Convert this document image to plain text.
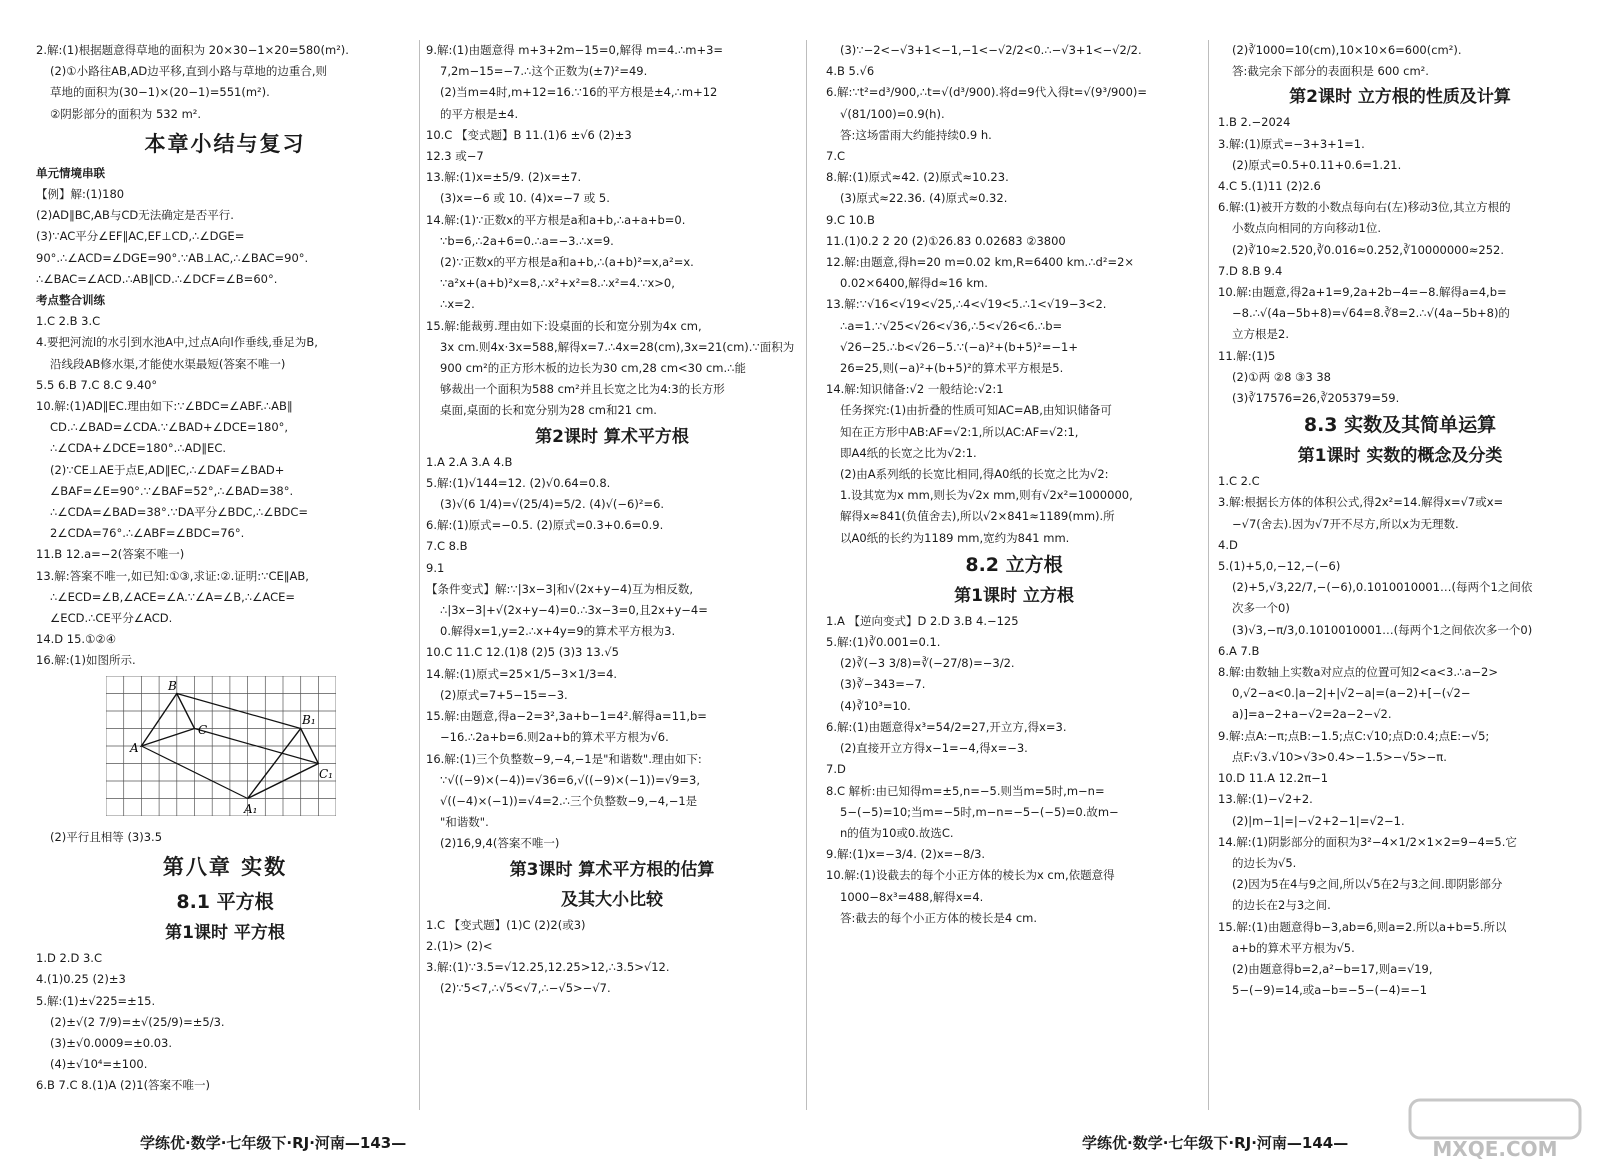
2.解:(1)根据题意得草地的面积为 20×30−1×20=580(m²).
(2)①小路往AB,AD边平移,直到小路与草地的边重合,则
草地的面积为(30−1)×(20−1)=551(m²).
②阴影部分的面积为 532 m².
本章小结与复习
单元情境串联
【例】解:(1)180
(2)AD∥BC,AB与CD无法确定是否平行.
(3)∵AC平分∠EF∥AC,EF⊥CD,∴∠DGE=
90°.∴∠ACD=∠DGE=90°.∵AB⊥AC,∴∠BAC=90°.
∴∠BAC=∠ACD.∴AB∥CD.∴∠DCF=∠B=60°.
考点整合训练
1.C 2.B 3.C
4.要把河流l的水引到水池A中,过点A向l作垂线,垂足为B,
沿线段AB修水渠,才能使水渠最短(答案不唯一)
5.5 6.B 7.C 8.C 9.40°
10.解:(1)AD∥EC.理由如下:∵∠BDC=∠ABF.∴AB∥
CD.∴∠BAD=∠CDA.∵∠BAD+∠DCE=180°,
∴∠CDA+∠DCE=180°.∴AD∥EC.
(2)∵CE⊥AE于点E,AD∥EC,∴∠DAF=∠BAD+
∠BAF=∠E=90°.∵∠BAF=52°,∴∠BAD=38°.
∴∠CDA=∠BAD=38°.∵DA平分∠BDC,∴∠BDC=
2∠CDA=76°.∴∠ABF=∠BDC=76°.
11.B 12.a=−2(答案不唯一)
13.解:答案不唯一,如已知:①③,求证:②.证明:∵CE∥AB,
∴∠ECD=∠B,∠ACE=∠A.∵∠A=∠B,∴∠ACE=
∠ECD.∴CE平分∠ACD.
14.D 15.①②④
16.解:(1)如图所示.
B
C
A
B₁
C₁
A₁
(2)平行且相等 (3)3.5
第八章 实数
8.1 平方根
第1课时 平方根
1.D 2.D 3.C
4.(1)0.25 (2)±3
5.解:(1)±√225=±15.
(2)±√(2 7/9)=±√(25/9)=±5/3.
(3)±√0.0009=±0.03.
(4)±√10⁴=±100.
6.B 7.C 8.(1)A (2)1(答案不唯一)
9.解:(1)由题意得 m+3+2m−15=0,解得 m=4.∴m+3=
7,2m−15=−7.∴这个正数为(±7)²=49.
(2)当m=4时,m+12=16.∵16的平方根是±4,∴m+12
的平方根是±4.
10.C 【变式题】B 11.(1)6 ±√6 (2)±3
12.3 或−7
13.解:(1)x=±5/9. (2)x=±7.
(3)x=−6 或 10. (4)x=−7 或 5.
14.解:(1)∵正数x的平方根是a和a+b,∴a+a+b=0.
∵b=6,∴2a+6=0.∴a=−3.∴x=9.
(2)∵正数x的平方根是a和a+b,∴(a+b)²=x,a²=x.
∵a²x+(a+b)²x=8,∴x²+x²=8.∴x²=4.∵x>0,
∴x=2.
15.解:能裁剪.理由如下:设桌面的长和宽分别为4x cm,
3x cm.则4x·3x=588,解得x=7.∴4x=28(cm),3x=21(cm).∵面积为
900 cm²的正方形木板的边长为30 cm,28 cm<30 cm.∴能
够裁出一个面积为588 cm²并且长宽之比为4:3的长方形
桌面,桌面的长和宽分别为28 cm和21 cm.
第2课时 算术平方根
1.A 2.A 3.A 4.B
5.解:(1)√144=12. (2)√0.64=0.8.
(3)√(6 1/4)=√(25/4)=5/2. (4)√(−6)²=6.
6.解:(1)原式=−0.5. (2)原式=0.3+0.6=0.9.
7.C 8.B
9.1
【条件变式】解:∵|3x−3|和√(2x+y−4)互为相反数,
∴|3x−3|+√(2x+y−4)=0.∴3x−3=0,且2x+y−4=
0.解得x=1,y=2.∴x+4y=9的算术平方根为3.
10.C 11.C 12.(1)8 (2)5 (3)3 13.√5
14.解:(1)原式=25×1/5−3×1/3=4.
(2)原式=7+5−15=−3.
15.解:由题意,得a−2=3²,3a+b−1=4².解得a=11,b=
−16.∴2a+b=6.则2a+b的算术平方根为√6.
16.解:(1)三个负整数−9,−4,−1是"和谐数".理由如下:
∵√((−9)×(−4))=√36=6,√((−9)×(−1))=√9=3,
√((−4)×(−1))=√4=2.∴三个负整数−9,−4,−1是
"和谐数".
(2)16,9,4(答案不唯一)
第3课时 算术平方根的估算
及其大小比较
1.C 【变式题】(1)C (2)2(或3)
2.(1)> (2)<
3.解:(1)∵3.5=√12.25,12.25>12,∴3.5>√12.
(2)∵5<7,∴√5<√7,∴−√5>−√7.
(3)∵−2<−√3+1<−1,−1<−√2/2<0.∴−√3+1<−√2/2.
4.B 5.√6
6.解:∵t²=d³/900,∴t=√(d³/900).将d=9代入得t=√(9³/900)=
√(81/100)=0.9(h).
答:这场雷雨大约能持续0.9 h.
7.C
8.解:(1)原式≈42. (2)原式≈10.23.
(3)原式≈22.36. (4)原式≈0.32.
9.C 10.B
11.(1)0.2 2 20 (2)①26.83 0.02683 ②3800
12.解:由题意,得h=20 m=0.02 km,R=6400 km.∴d²=2×
0.02×6400,解得d≈16 km.
13.解:∵√16<√19<√25,∴4<√19<5.∴1<√19−3<2.
∴a=1.∵√25<√26<√36,∴5<√26<6.∴b=
√26−25.∴b<√26−5.∵(−a)²+(b+5)²=−1+
26=25,则(−a)²+(b+5)²的算术平方根是5.
14.解:知识储备:√2 一般结论:√2:1
任务探究:(1)由折叠的性质可知AC=AB,由知识储备可
知在正方形中AB:AF=√2:1,所以AC:AF=√2:1,
即A4纸的长宽之比为√2:1.
(2)由A系列纸的长宽比相同,得A0纸的长宽之比为√2:
1.设其宽为x mm,则长为√2x mm,则有√2x²=1000000,
解得x≈841(负值舍去),所以√2×841≈1189(mm).所
以A0纸的长约为1189 mm,宽约为841 mm.
8.2 立方根
第1课时 立方根
1.A 【逆向变式】D 2.D 3.B 4.−125
5.解:(1)∛0.001=0.1.
(2)∛(−3 3/8)=∛(−27/8)=−3/2.
(3)∛−343=−7.
(4)∛10³=10.
6.解:(1)由题意得x³=54/2=27,开立方,得x=3.
(2)直接开立方得x−1=−4,得x=−3.
7.D
8.C 解析:由已知得m=±5,n=−5.则当m=5时,m−n=
5−(−5)=10;当m=−5时,m−n=−5−(−5)=0.故m−
n的值为10或0.故选C.
9.解:(1)x=−3/4. (2)x=−8/3.
10.解:(1)设截去的每个小正方体的棱长为x cm,依题意得
1000−8x³=488,解得x=4.
答:截去的每个小正方体的棱长是4 cm.
(2)∛1000=10(cm),10×10×6=600(cm²).
答:截完余下部分的表面积是 600 cm².
第2课时 立方根的性质及计算
1.B 2.−2024
3.解:(1)原式=−3+3+1=1.
(2)原式=0.5+0.11+0.6=1.21.
4.C 5.(1)11 (2)2.6
6.解:(1)被开方数的小数点每向右(左)移动3位,其立方根的
小数点向相同的方向移动1位.
(2)∛10≈2.520,∛0.016≈0.252,∛10000000≈252.
7.D 8.B 9.4
10.解:由题意,得2a+1=9,2a+2b−4=−8.解得a=4,b=
−8.∴√(4a−5b+8)=√64=8.∛8=2.∴√(4a−5b+8)的
立方根是2.
11.解:(1)5
(2)①两 ②8 ③3 38
(3)∛17576=26,∛205379=59.
8.3 实数及其简单运算
第1课时 实数的概念及分类
1.C 2.C
3.解:根据长方体的体积公式,得2x²=14.解得x=√7或x=
−√7(舍去).因为√7开不尽方,所以x为无理数.
4.D
5.(1)+5,0,−12,−(−6)
(2)+5,√3,22/7,−(−6),0.1010010001…(每两个1之间依
次多一个0)
(3)√3,−π/3,0.1010010001…(每两个1之间依次多一个0)
6.A 7.B
8.解:由数轴上实数a对应点的位置可知2<a<3.∴a−2>
0,√2−a<0.|a−2|+|√2−a|=(a−2)+[−(√2−
a)]=a−2+a−√2=2a−2−√2.
9.解:点A:−π;点B:−1.5;点C:√10;点D:0.4;点E:−√5;
点F:√3.√10>√3>0.4>−1.5>−√5>−π.
10.D 11.A 12.2π−1
13.解:(1)−√2+2.
(2)|m−1|=|−√2+2−1|=√2−1.
14.解:(1)阴影部分的面积为3²−4×1/2×1×2=9−4=5.它
的边长为√5.
(2)因为5在4与9之间,所以√5在2与3之间.即阴影部分
的边长在2与3之间.
15.解:(1)由题意得b−3,ab=6,则a=2.所以a+b=5.所以
a+b的算术平方根为√5.
(2)由题意得b=2,a²−b=17,则a=√19,
5−(−9)=14,或a−b=−5−(−4)=−1
学练优·数学·七年级下·RJ·河南—143—	学练优·数学·七年级下·RJ·河南—144—	MXQE.COM
